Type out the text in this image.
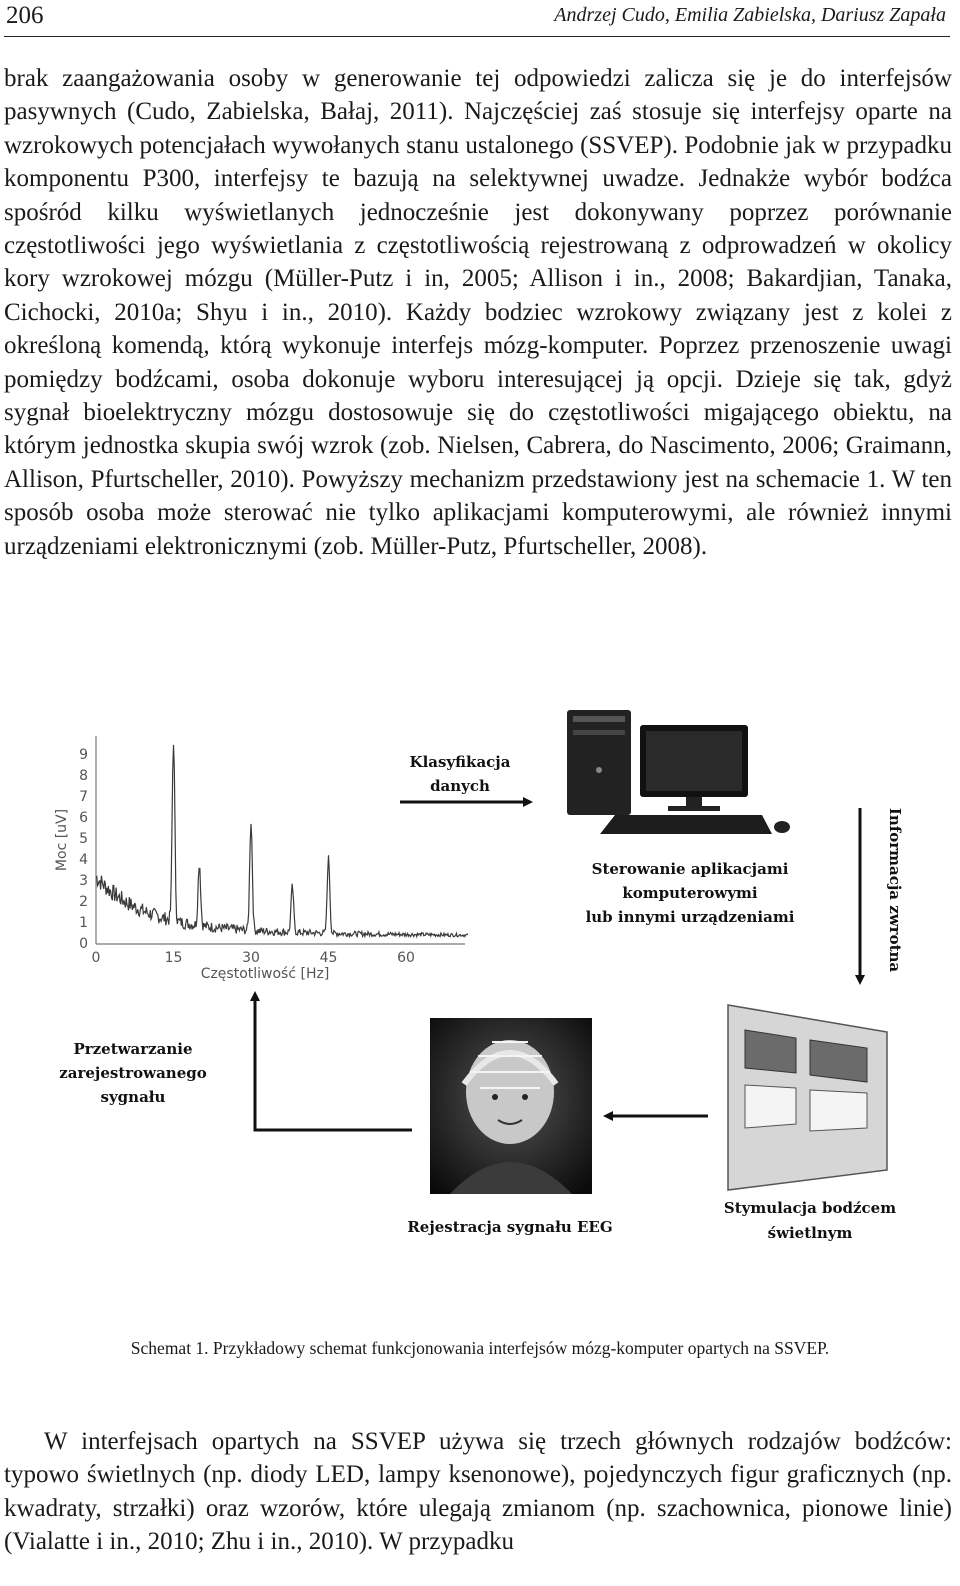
206	Andrzej Cudo, Emilia Zabielska, Dariusz Zapała

brak zaangażowania osoby w generowanie tej odpowiedzi zalicza się je do interfejsów pasywnych (Cudo, Zabielska, Bałaj, 2011). Najczęściej zaś stosuje się interfejsy oparte na wzrokowych potencjałach wywołanych stanu ustalonego (SSVEP). Podobnie jak w przypadku komponentu P300, interfejsy te bazują na selektywnej uwadze. Jednakże wybór bodźca spośród kilku wyświetlanych jednocześnie jest dokonywany poprzez porównanie częstotliwości jego wyświetlania z częstotliwością rejestrowaną z odprowadzeń w okolicy kory wzrokowej mózgu (Müller-Putz i in, 2005; Allison i in., 2008; Bakardjian, Tanaka, Cichocki, 2010a; Shyu i in., 2010). Każdy bodziec wzrokowy związany jest z kolei z określoną komendą, którą wykonuje interfejs mózg-komputer. Poprzez przenoszenie uwagi pomiędzy bodźcami, osoba dokonuje wyboru interesującej ją opcji. Dzieje się tak, gdyż sygnał bioelektryczny mózgu dostosowuje się do częstotliwości migającego obiektu, na którym jednostka skupia swój wzrok (zob. Nielsen, Cabrera, do Nascimento, 2006; Graimann, Allison, Pfurtscheller, 2010). Powyższy mechanizm przedstawiony jest na schemacie 1. W ten sposób osoba może sterować nie tylko aplikacjami komputerowymi, ale również innymi urządzeniami elektronicznymi (zob. Müller-Putz, Pfurtscheller, 2008).

0
1
2
3
4
5
6
7
8
9
0	15	30	45	60
Moc [uV]
Częstotliwość [Hz]
Klasyfikacja
danych
Sterowanie aplikacjami
komputerowymi
lub innymi urządzeniami	Informacja zwrotna
Stymulacja bodźcem
świetlnym
Rejestracja sygnału EEG
Przetwarzanie
zarejestrowanego
sygnału
Schemat 1. Przykładowy schemat funkcjonowania interfejsów mózg-komputer opartych na SSVEP.

W interfejsach opartych na SSVEP używa się trzech głównych rodzajów bodźców: typowo świetlnych (np. diody LED, lampy ksenonowe), pojedynczych figur graficznych (np. kwadraty, strzałki) oraz wzorów, które ulegają zmianom (np. szachownica, pionowe linie) (Vialatte i in., 2010; Zhu i in., 2010). W przypadku
